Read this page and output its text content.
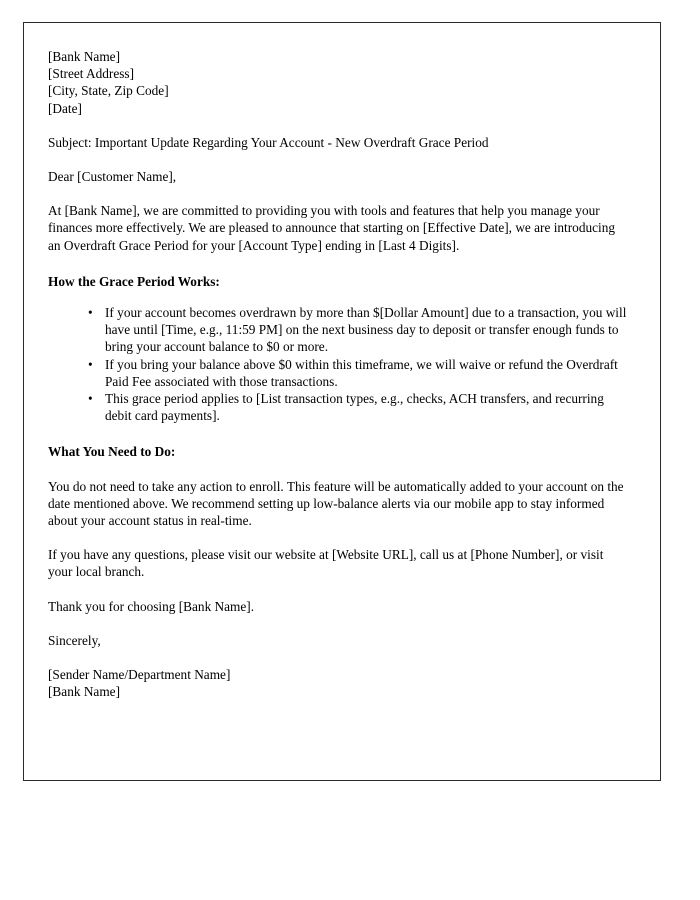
[Bank Name]
[Street Address]
[City, State, Zip Code]
[Date]

Subject: Important Update Regarding Your Account - New Overdraft Grace Period

Dear [Customer Name],

At [Bank Name], we are committed to providing you with tools and features that help you manage your finances more effectively. We are pleased to announce that starting on [Effective Date], we are introducing an Overdraft Grace Period for your [Account Type] ending in [Last 4 Digits].

How the Grace Period Works:

• If your account becomes overdrawn by more than $[Dollar Amount] due to a transaction, you will have until [Time, e.g., 11:59 PM] on the next business day to deposit or transfer enough funds to bring your account balance to $0 or more.
• If you bring your balance above $0 within this timeframe, we will waive or refund the Overdraft Paid Fee associated with those transactions.
• This grace period applies to [List transaction types, e.g., checks, ACH transfers, and recurring debit card payments].

What You Need to Do:

You do not need to take any action to enroll. This feature will be automatically added to your account on the date mentioned above. We recommend setting up low-balance alerts via our mobile app to stay informed about your account status in real-time.

If you have any questions, please visit our website at [Website URL], call us at [Phone Number], or visit your local branch.

Thank you for choosing [Bank Name].

Sincerely,

[Sender Name/Department Name]
[Bank Name]
